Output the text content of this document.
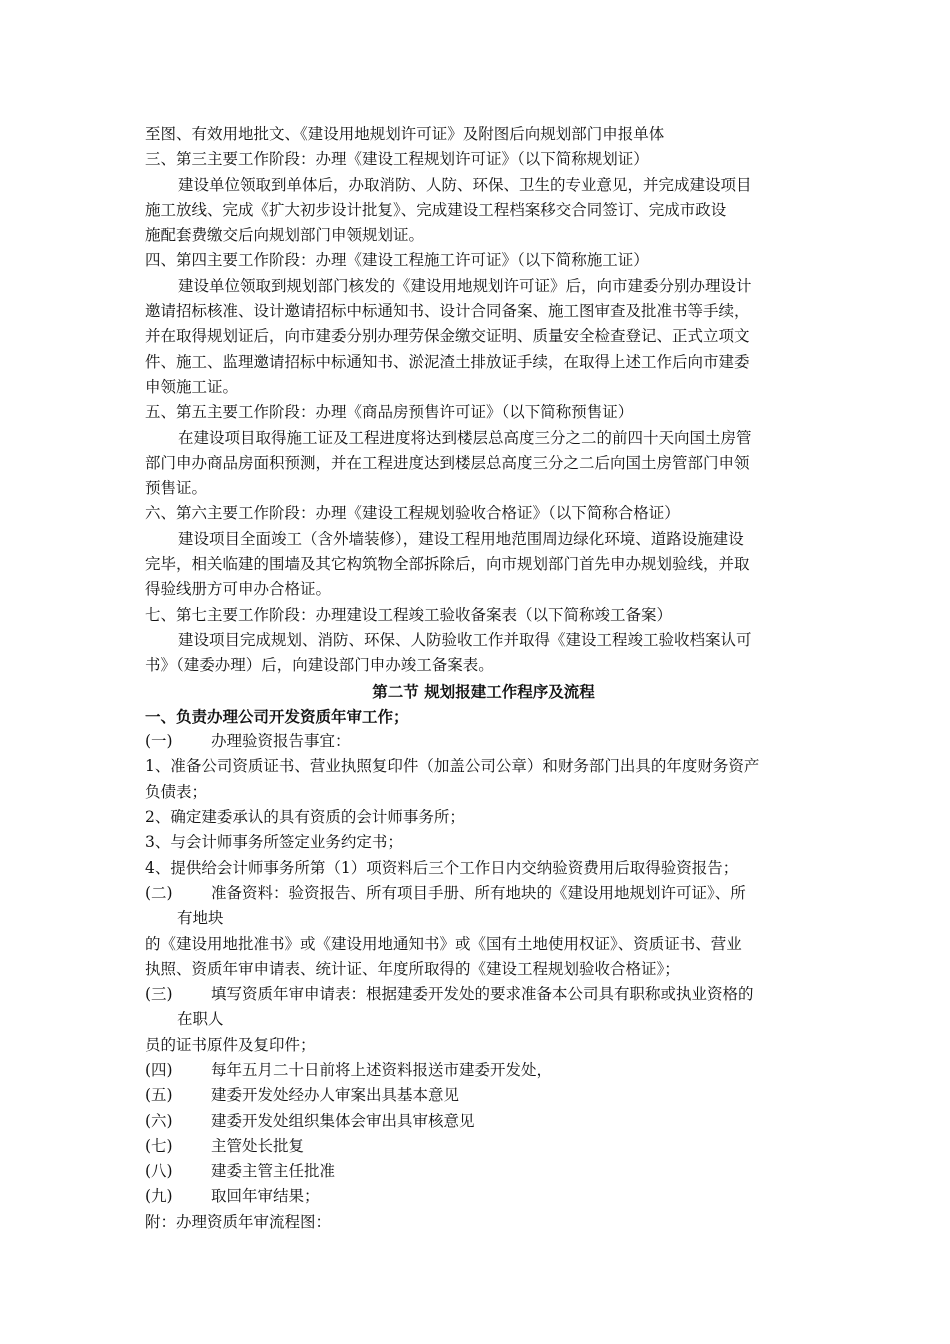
至图、有效用地批文、《建设用地规划许可证》及附图后向规划部门申报单体
三、第三主要工作阶段：办理《建设工程规划许可证》（以下简称规划证）
建设单位领取到单体后，办取消防、人防、环保、卫生的专业意见，并完成建设项目
施工放线、完成《扩大初步设计批复》、完成建设工程档案移交合同签订、完成市政设
施配套费缴交后向规划部门申领规划证。
四、第四主要工作阶段：办理《建设工程施工许可证》（以下简称施工证）
建设单位领取到规划部门核发的《建设用地规划许可证》后，向市建委分别办理设计
邀请招标核准、设计邀请招标中标通知书、设计合同备案、施工图审查及批准书等手续，
并在取得规划证后，向市建委分别办理劳保金缴交证明、质量安全检查登记、正式立项文
件、施工、监理邀请招标中标通知书、淤泥渣土排放证手续，在取得上述工作后向市建委
申领施工证。
五、第五主要工作阶段：办理《商品房预售许可证》（以下简称预售证）
在建设项目取得施工证及工程进度将达到楼层总高度三分之二的前四十天向国土房管
部门申办商品房面积预测，并在工程进度达到楼层总高度三分之二后向国土房管部门申领
预售证。
六、第六主要工作阶段：办理《建设工程规划验收合格证》（以下简称合格证）
建设项目全面竣工（含外墙装修），建设工程用地范围周边绿化环境、道路设施建设
完毕，相关临建的围墙及其它构筑物全部拆除后，向市规划部门首先申办规划验线，并取
得验线册方可申办合格证。
七、第七主要工作阶段：办理建设工程竣工验收备案表（以下简称竣工备案）
建设项目完成规划、消防、环保、人防验收工作并取得《建设工程竣工验收档案认可
书》（建委办理）后，向建设部门申办竣工备案表。
第二节 规划报建工作程序及流程
一、负责办理公司开发资质年审工作；
(一)	办理验资报告事宜：
1、准备公司资质证书、营业执照复印件（加盖公司公章）和财务部门出具的年度财务资产
负债表；
2、确定建委承认的具有资质的会计师事务所；
3、与会计师事务所签定业务约定书；
4、提供给会计师事务所第（1）项资料后三个工作日内交纳验资费用后取得验资报告；
(二)	准备资料：验资报告、所有项目手册、所有地块的《建设用地规划许可证》、所
有地块
的《建设用地批准书》或《建设用地通知书》或《国有土地使用权证》、资质证书、营业
执照、资质年审申请表、统计证、年度所取得的《建设工程规划验收合格证》；
(三)	填写资质年审申请表：根据建委开发处的要求准备本公司具有职称或执业资格的
在职人
员的证书原件及复印件；
(四)	每年五月二十日前将上述资料报送市建委开发处，
(五)	建委开发处经办人审案出具基本意见
(六)	建委开发处组织集体会审出具审核意见
(七)	主管处长批复
(八)	建委主管主任批准
(九)	取回年审结果；
附：办理资质年审流程图：
